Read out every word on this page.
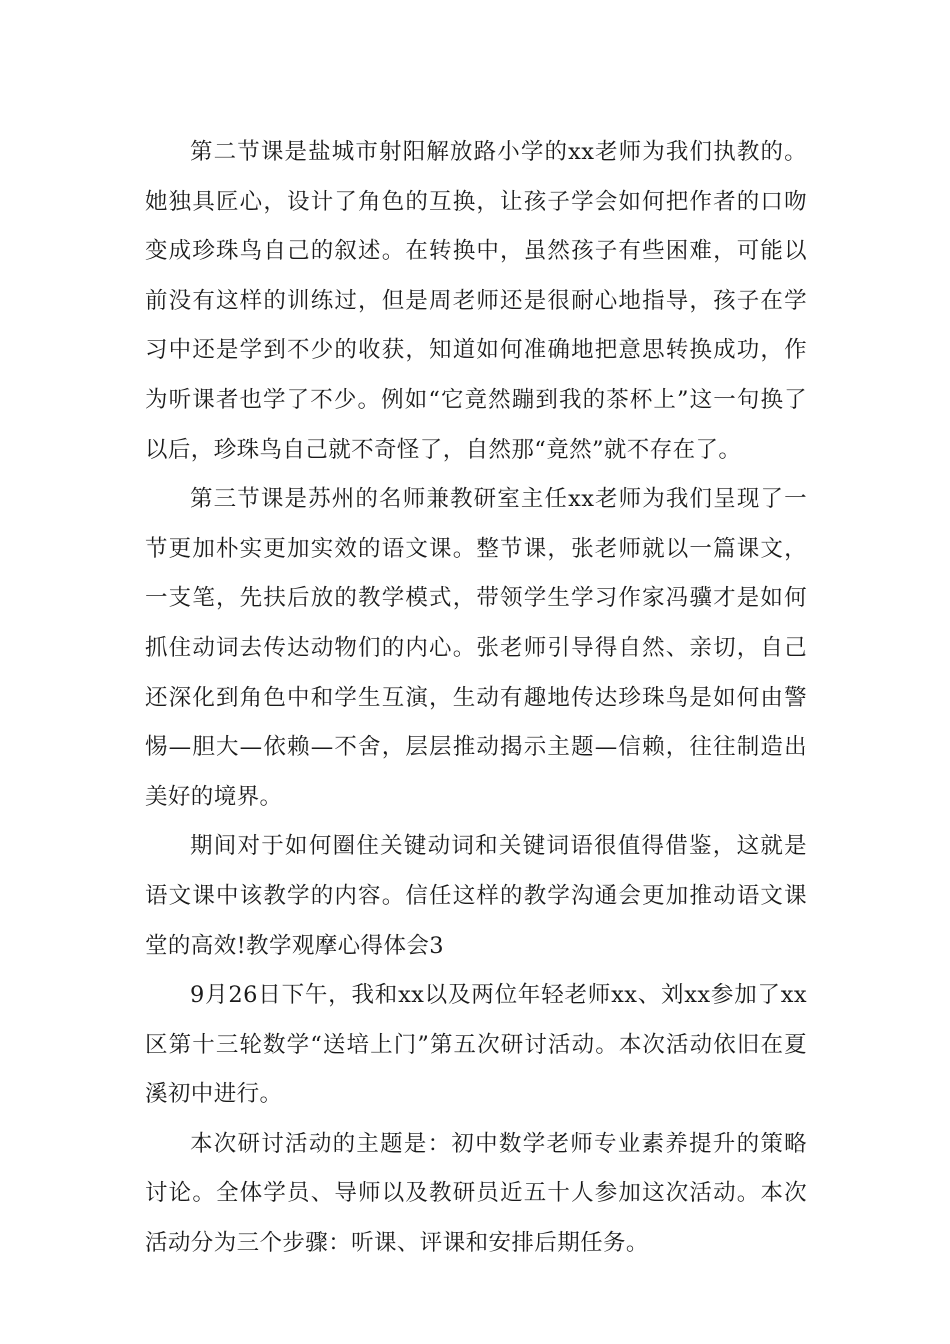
第二节课是盐城市射阳解放路小学的xx老师为我们执教的。她独具匠心，设计了角色的互换，让孩子学会如何把作者的口吻变成珍珠鸟自己的叙述。在转换中，虽然孩子有些困难，可能以前没有这样的训练过，但是周老师还是很耐心地指导，孩子在学习中还是学到不少的收获，知道如何准确地把意思转换成功，作为听课者也学了不少。例如“它竟然蹦到我的茶杯上”这一句换了以后，珍珠鸟自己就不奇怪了，自然那“竟然”就不存在了。

第三节课是苏州的名师兼教研室主任xx老师为我们呈现了一节更加朴实更加实效的语文课。整节课，张老师就以一篇课文，一支笔，先扶后放的教学模式，带领学生学习作家冯骥才是如何抓住动词去传达动物们的内心。张老师引导得自然、亲切，自己还深化到角色中和学生互演，生动有趣地传达珍珠鸟是如何由警惕—胆大—依赖—不舍，层层推动揭示主题—信赖，往往制造出美好的境界。

期间对于如何圈住关键动词和关键词语很值得借鉴，这就是语文课中该教学的内容。信任这样的教学沟通会更加推动语文课堂的高效!教学观摩心得体会3

9月26日下午，我和xx以及两位年轻老师xx、刘xx参加了xx区第十三轮数学“送培上门”第五次研讨活动。本次活动依旧在夏溪初中进行。

本次研讨活动的主题是：初中数学老师专业素养提升的策略讨论。全体学员、导师以及教研员近五十人参加这次活动。本次活动分为三个步骤：听课、评课和安排后期任务。
